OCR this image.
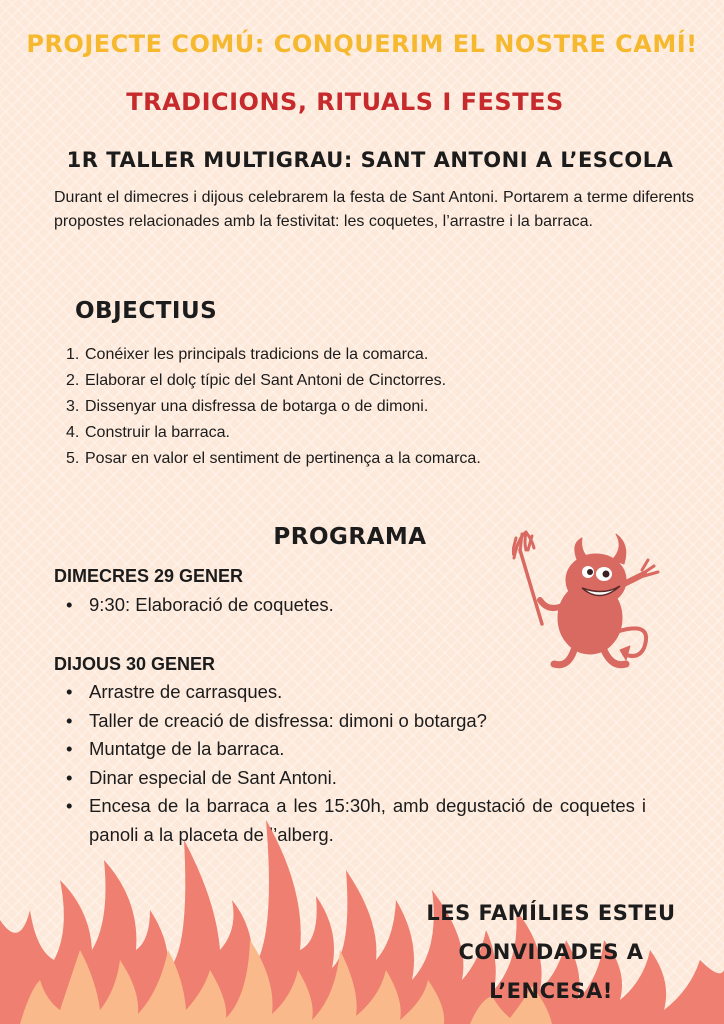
PROJECTE COMÚ: CONQUERIM EL NOSTRE CAMÍ!
TRADICIONS, RITUALS I FESTES
1R TALLER MULTIGRAU: SANT ANTONI A L’ESCOLA
Durant el dimecres i dijous celebrarem la festa de Sant Antoni. Portarem a terme diferents propostes relacionades amb la festivitat: les coquetes, l’arrastre i la barraca.
OBJECTIUS
1. Conéixer les principals tradicions de la comarca.
2. Elaborar el dolç típic del Sant Antoni de Cinctorres.
3. Dissenyar una disfressa de botarga o de dimoni.
4. Construir la barraca.
5. Posar en valor el sentiment de pertinença a la comarca.
PROGRAMA
DIMECRES 29 GENER
• 9:30: Elaboració de coquetes.
DIJOUS 30 GENER
• Arrastre de carrasques.
• Taller de creació de disfressa: dimoni o botarga?
• Muntatge de la barraca.
• Dinar especial de Sant Antoni.
• Encesa de la barraca a les 15:30h, amb degustació de coquetes i panoli a la placeta de l’alberg.
LES FAMÍLIES ESTEU
CONVIDADES A L’ENCESA!
